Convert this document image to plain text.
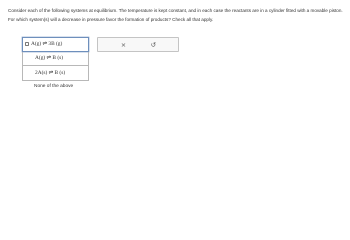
Consider each of the following systems at equilibrium. The temperature is kept constant, and in each case the reactants are in a cylinder fitted with a movable piston.

For which system(s) will a decrease in pressure favor the formation of products? Check all that apply.

A(g) ⇌ 3B (g)
A(g) ⇌ B (s)
2A(s) ⇌ B (s)
None of the above
×	↺
